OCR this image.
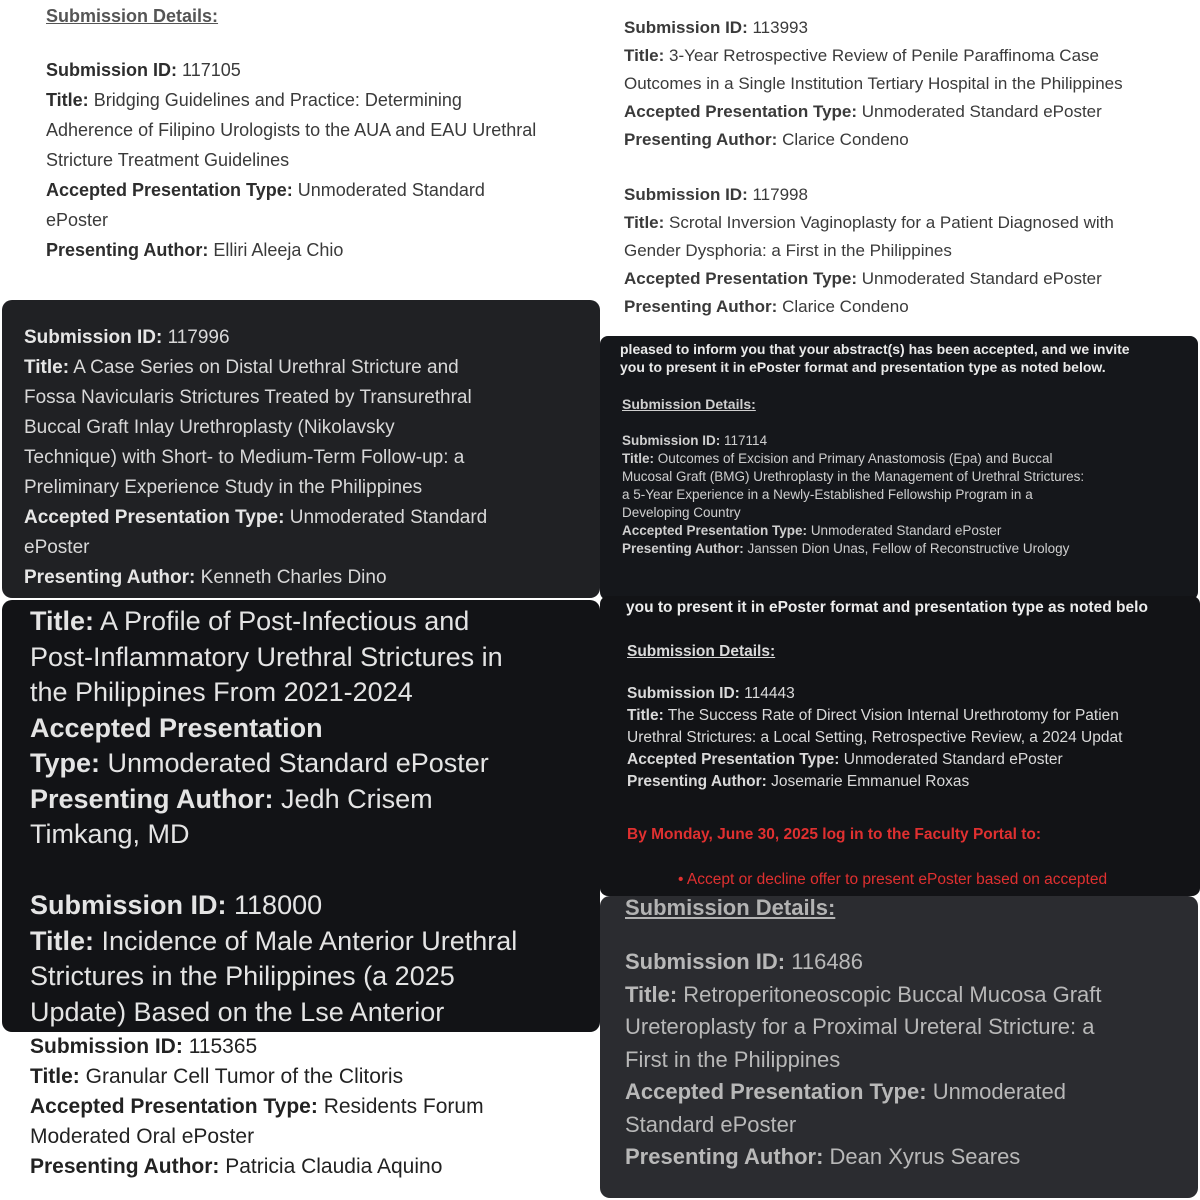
Submission Details:
Submission ID: 117105
Title: Bridging Guidelines and Practice: Determining
Adherence of Filipino Urologists to the AUA and EAU Urethral
Stricture Treatment Guidelines
Accepted Presentation Type: Unmoderated Standard
ePoster
Presenting Author: Elliri Aleeja Chio
Submission ID: 113993
Title: 3-Year Retrospective Review of Penile Paraffinoma Case
Outcomes in a Single Institution Tertiary Hospital in the Philippines
Accepted Presentation Type: Unmoderated Standard ePoster
Presenting Author: Clarice Condeno
Submission ID: 117998
Title: Scrotal Inversion Vaginoplasty for a Patient Diagnosed with
Gender Dysphoria: a First in the Philippines
Accepted Presentation Type: Unmoderated Standard ePoster
Presenting Author: Clarice Condeno
Submission ID: 117996
Title: A Case Series on Distal Urethral Stricture and
Fossa Navicularis Strictures Treated by Transurethral
Buccal Graft Inlay Urethroplasty (Nikolavsky
Technique) with Short- to Medium-Term Follow-up: a
Preliminary Experience Study in the Philippines
Accepted Presentation Type: Unmoderated Standard
ePoster
Presenting Author: Kenneth Charles Dino
pleased to inform you that your abstract(s) has been accepted, and we invite
you to present it in ePoster format and presentation type as noted below.
Submission Details:
Submission ID: 117114
Title: Outcomes of Excision and Primary Anastomosis (Epa) and Buccal
Mucosal Graft (BMG) Urethroplasty in the Management of Urethral Strictures:
a 5-Year Experience in a Newly-Established Fellowship Program in a
Developing Country
Accepted Presentation Type: Unmoderated Standard ePoster
Presenting Author: Janssen Dion Unas, Fellow of Reconstructive Urology
Title: A Profile of Post-Infectious and
Post-Inflammatory Urethral Strictures in
the Philippines From 2021-2024
Accepted Presentation
Type: Unmoderated Standard ePoster
Presenting Author: Jedh Crisem
Timkang, MD

Submission ID: 118000
Title: Incidence of Male Anterior Urethral
Strictures in the Philippines (a 2025
Update) Based on the Lse Anterior
you to present it in ePoster format and presentation type as noted belo
Submission Details:
Submission ID: 114443
Title: The Success Rate of Direct Vision Internal Urethrotomy for Patien
Urethral Strictures: a Local Setting, Retrospective Review, a 2024 Updat
Accepted Presentation Type: Unmoderated Standard ePoster
Presenting Author: Josemarie Emmanuel Roxas
By Monday, June 30, 2025 log in to the Faculty Portal to:
• Accept or decline offer to present ePoster based on accepted
Submission ID: 115365
Title: Granular Cell Tumor of the Clitoris
Accepted Presentation Type: Residents Forum
Moderated Oral ePoster
Presenting Author: Patricia Claudia Aquino
Submission Details:
Submission ID: 116486
Title: Retroperitoneoscopic Buccal Mucosa Graft
Ureteroplasty for a Proximal Ureteral Stricture: a
First in the Philippines
Accepted Presentation Type: Unmoderated
Standard ePoster
Presenting Author: Dean Xyrus Seares
